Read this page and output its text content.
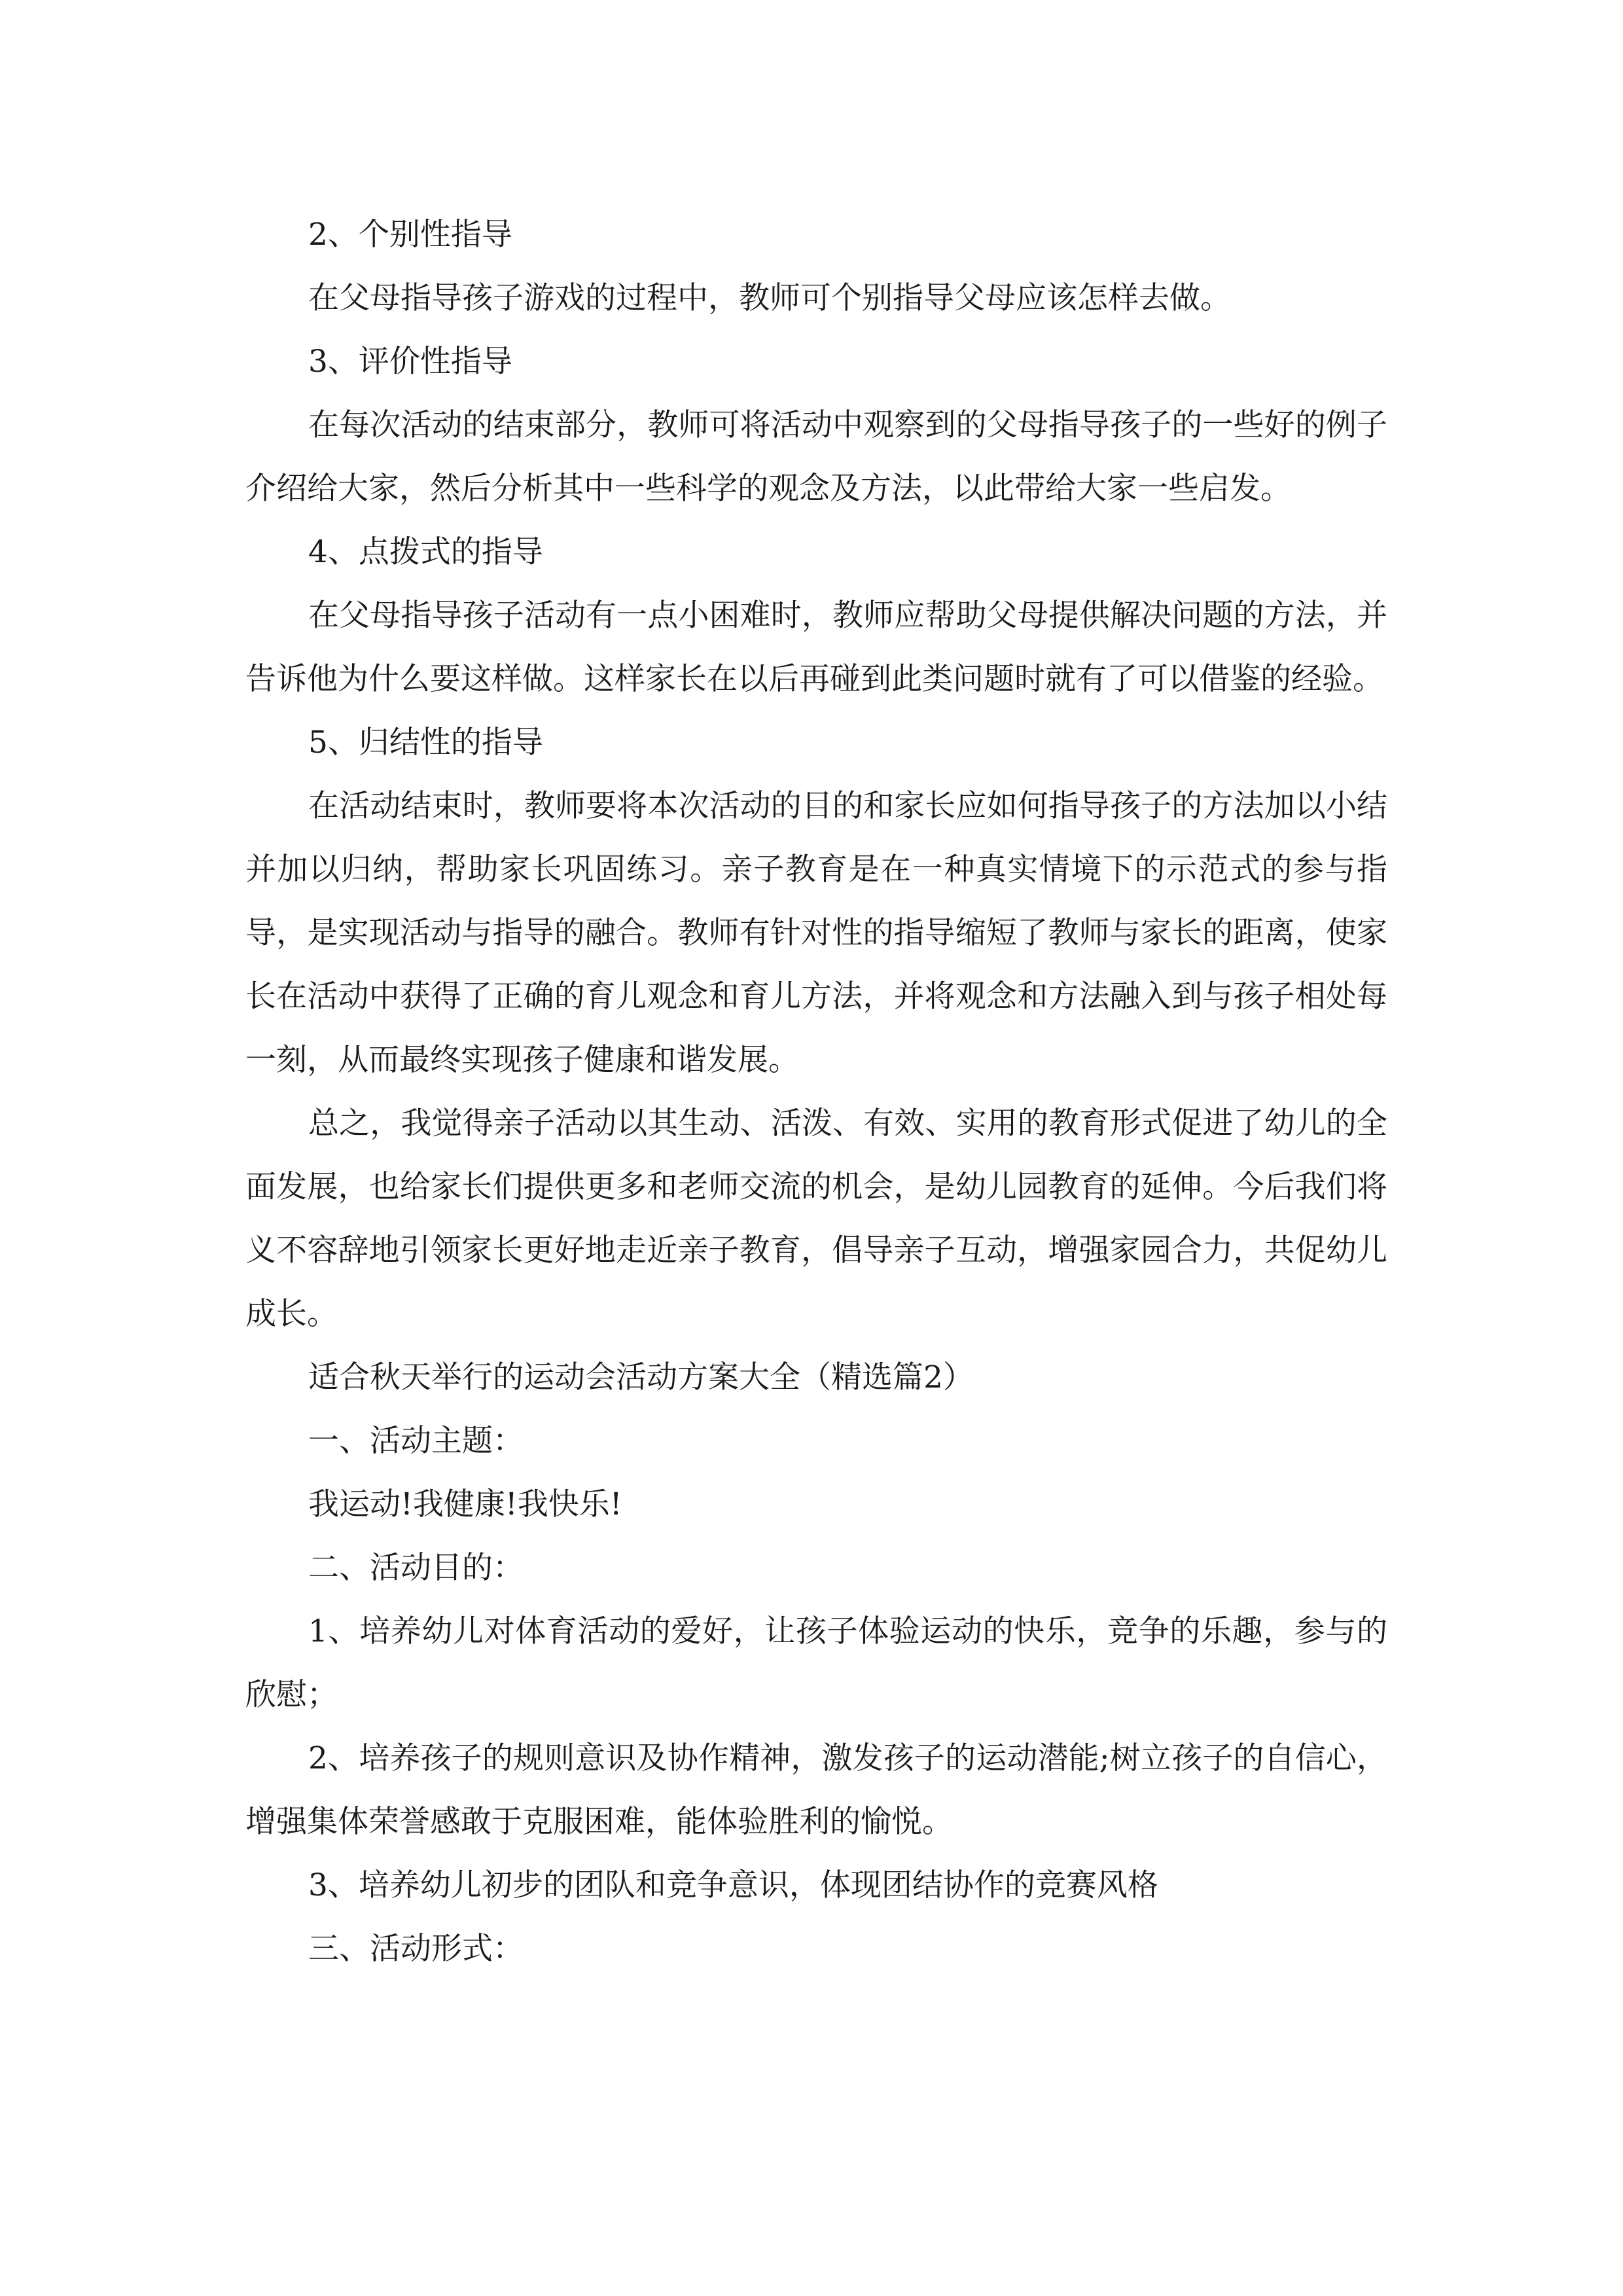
2、个别性指导

在父母指导孩子游戏的过程中，教师可个别指导父母应该怎样去做。

3、评价性指导

在每次活动的结束部分，教师可将活动中观察到的父母指导孩子的一些好的例子介绍给大家，然后分析其中一些科学的观念及方法，以此带给大家一些启发。

4、点拨式的指导

在父母指导孩子活动有一点小困难时，教师应帮助父母提供解决问题的方法，并告诉他为什么要这样做。这样家长在以后再碰到此类问题时就有了可以借鉴的经验。

5、归结性的指导

在活动结束时，教师要将本次活动的目的和家长应如何指导孩子的方法加以小结并加以归纳，帮助家长巩固练习。亲子教育是在一种真实情境下的示范式的参与指导，是实现活动与指导的融合。教师有针对性的指导缩短了教师与家长的距离，使家长在活动中获得了正确的育儿观念和育儿方法，并将观念和方法融入到与孩子相处每一刻，从而最终实现孩子健康和谐发展。

总之，我觉得亲子活动以其生动、活泼、有效、实用的教育形式促进了幼儿的全面发展，也给家长们提供更多和老师交流的机会，是幼儿园教育的延伸。今后我们将义不容辞地引领家长更好地走近亲子教育，倡导亲子互动，增强家园合力，共促幼儿成长。

适合秋天举行的运动会活动方案大全（精选篇2）

一、活动主题：

我运动!我健康!我快乐!

二、活动目的：

1、培养幼儿对体育活动的爱好，让孩子体验运动的快乐，竞争的乐趣，参与的欣慰；

2、培养孩子的规则意识及协作精神，激发孩子的运动潜能;树立孩子的自信心，增强集体荣誉感敢于克服困难，能体验胜利的愉悦。

3、培养幼儿初步的团队和竞争意识，体现团结协作的竞赛风格

三、活动形式：
